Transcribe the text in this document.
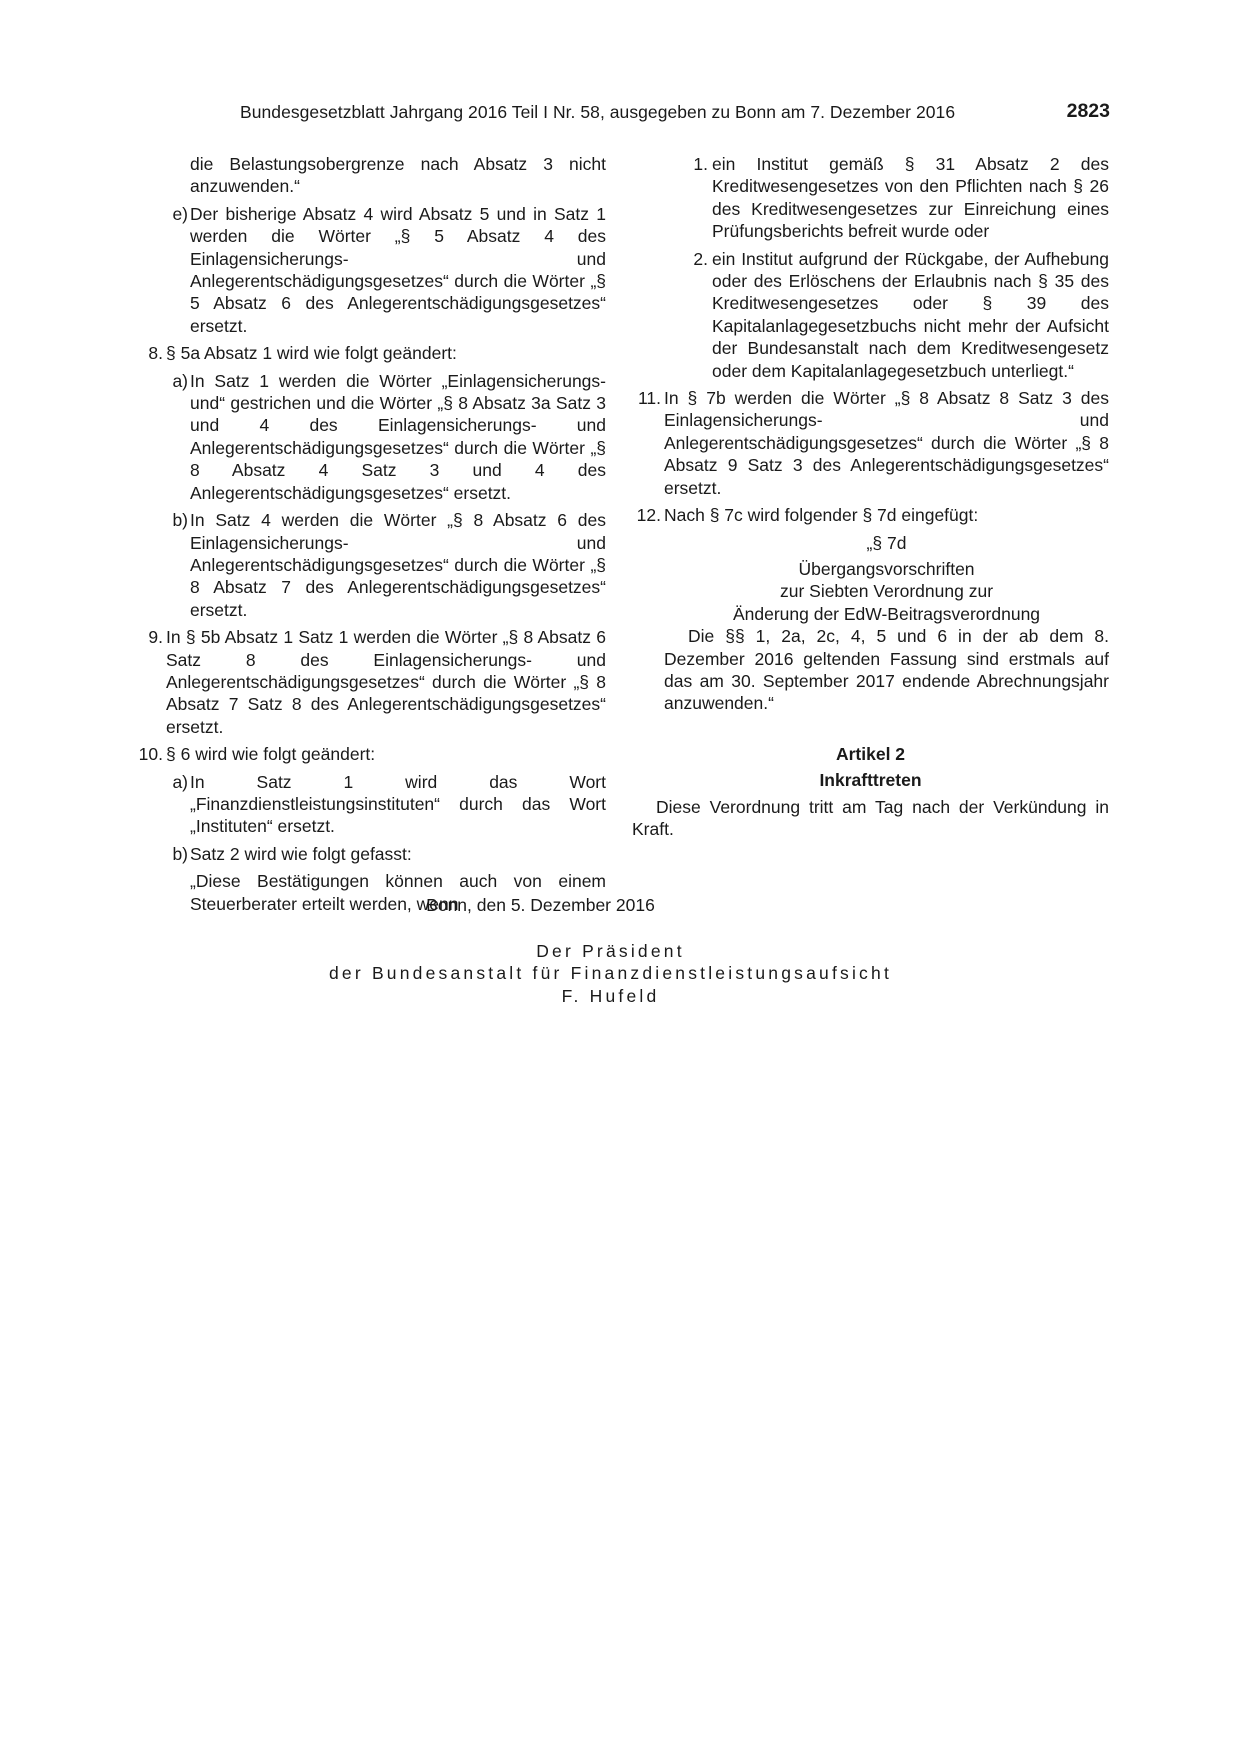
Bundesgesetzblatt Jahrgang 2016 Teil I Nr. 58, ausgegeben zu Bonn am 7. Dezember 2016	2823
die Belastungsobergrenze nach Absatz 3 nicht anzuwenden.“
e) Der bisherige Absatz 4 wird Absatz 5 und in Satz 1 werden die Wörter „§ 5 Absatz 4 des Einlagensicherungs- und Anlegerentschädigungsgesetzes“ durch die Wörter „§ 5 Absatz 6 des Anlegerentschädigungsgesetzes“ ersetzt.
8. § 5a Absatz 1 wird wie folgt geändert:
a) In Satz 1 werden die Wörter „Einlagensicherungs- und“ gestrichen und die Wörter „§ 8 Absatz 3a Satz 3 und 4 des Einlagensicherungs- und Anlegerentschädigungsgesetzes“ durch die Wörter „§ 8 Absatz 4 Satz 3 und 4 des Anlegerentschädigungsgesetzes“ ersetzt.
b) In Satz 4 werden die Wörter „§ 8 Absatz 6 des Einlagensicherungs- und Anlegerentschädigungsgesetzes“ durch die Wörter „§ 8 Absatz 7 des Anlegerentschädigungsgesetzes“ ersetzt.
9. In § 5b Absatz 1 Satz 1 werden die Wörter „§ 8 Absatz 6 Satz 8 des Einlagensicherungs- und Anlegerentschädigungsgesetzes“ durch die Wörter „§ 8 Absatz 7 Satz 8 des Anlegerentschädigungsgesetzes“ ersetzt.
10. § 6 wird wie folgt geändert:
a) In Satz 1 wird das Wort „Finanzdienstleistungsinstituten“ durch das Wort „Instituten“ ersetzt.
b) Satz 2 wird wie folgt gefasst:
„Diese Bestätigungen können auch von einem Steuerberater erteilt werden, wenn
1. ein Institut gemäß § 31 Absatz 2 des Kreditwesengesetzes von den Pflichten nach § 26 des Kreditwesengesetzes zur Einreichung eines Prüfungsberichts befreit wurde oder
2. ein Institut aufgrund der Rückgabe, der Aufhebung oder des Erlöschens der Erlaubnis nach § 35 des Kreditwesengesetzes oder § 39 des Kapitalanlagegesetzbuchs nicht mehr der Aufsicht der Bundesanstalt nach dem Kreditwesengesetz oder dem Kapitalanlagegesetzbuch unterliegt.“
11. In § 7b werden die Wörter „§ 8 Absatz 8 Satz 3 des Einlagensicherungs- und Anlegerentschädigungsgesetzes“ durch die Wörter „§ 8 Absatz 9 Satz 3 des Anlegerentschädigungsgesetzes“ ersetzt.
12. Nach § 7c wird folgender § 7d eingefügt:
„§ 7d
Übergangsvorschriften
zur Siebten Verordnung zur
Änderung der EdW-Beitragsverordnung
Die §§ 1, 2a, 2c, 4, 5 und 6 in der ab dem 8. Dezember 2016 geltenden Fassung sind erstmals auf das am 30. September 2017 endende Abrechnungsjahr anzuwenden.“
Artikel 2
Inkrafttreten
Diese Verordnung tritt am Tag nach der Verkündung in Kraft.
Bonn, den 5. Dezember 2016
Der Präsident
der Bundesanstalt für Finanzdienstleistungsaufsicht
F. Hufeld
